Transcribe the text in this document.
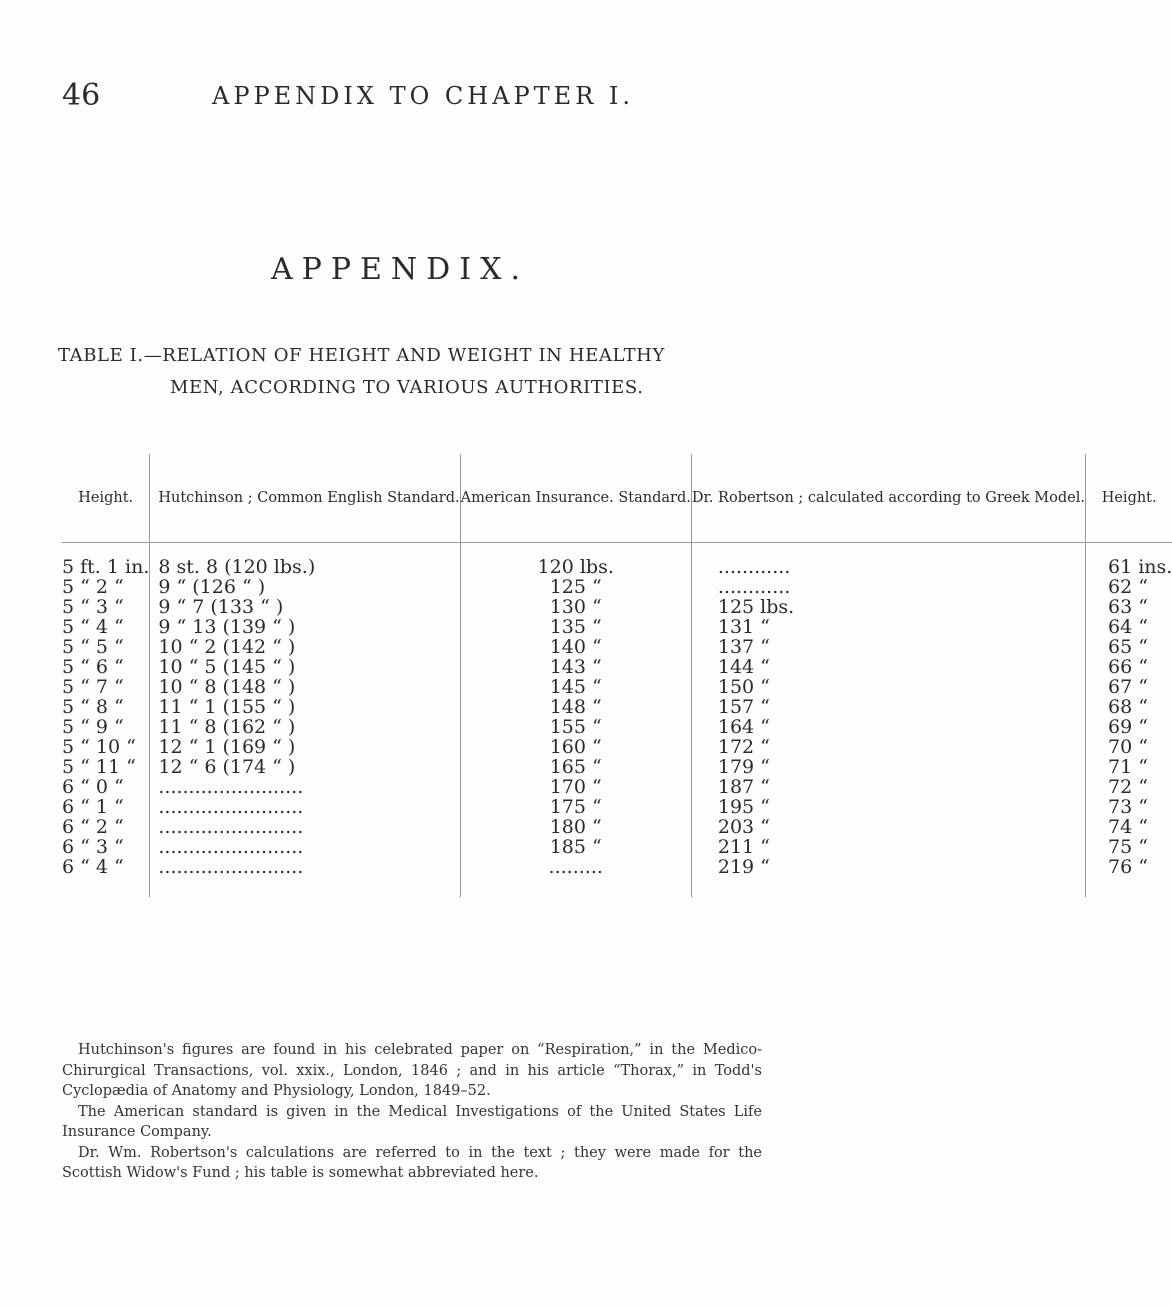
46	APPENDIX TO CHAPTER I.
APPENDIX.
TABLE I.—RELATION OF HEIGHT AND WEIGHT IN HEALTHY
MEN, ACCORDING TO VARIOUS AUTHORITIES.
Height.	Hutchinson ; Common English Standard.	American Insurance. Standard.	Dr. Robertson ; calculated according to Greek Model.	Height.
5 ft. 1 in.	8 st. 8 (120 lbs.)	120 lbs.	............	61 ins.
5 “ 2 “	9 “ (126 “ )	125 “	............	62 “
5 “ 3 “	9 “ 7 (133 “ )	130 “	125 lbs.	63 “
5 “ 4 “	9 “ 13 (139 “ )	135 “	131 “	64 “
5 “ 5 “	10 “ 2 (142 “ )	140 “	137 “	65 “
5 “ 6 “	10 “ 5 (145 “ )	143 “	144 “	66 “
5 “ 7 “	10 “ 8 (148 “ )	145 “	150 “	67 “
5 “ 8 “	11 “ 1 (155 “ )	148 “	157 “	68 “
5 “ 9 “	11 “ 8 (162 “ )	155 “	164 “	69 “
5 “ 10 “	12 “ 1 (169 “ )	160 “	172 “	70 “
5 “ 11 “	12 “ 6 (174 “ )	165 “	179 “	71 “
6 “ 0 “	........................	170 “	187 “	72 “
6 “ 1 “	........................	175 “	195 “	73 “
6 “ 2 “	........................	180 “	203 “	74 “
6 “ 3 “	........................	185 “	211 “	75 “
6 “ 4 “	........................	.........	219 “	76 “

Hutchinson's figures are found in his celebrated paper on “Respiration,” in the Medico-Chirurgical Transactions, vol. xxix., London, 1846 ; and in his article “Thorax,” in Todd's Cyclopædia of Anatomy and Physiology, London, 1849–52.

The American standard is given in the Medical Investigations of the United States Life Insurance Company.

Dr. Wm. Robertson's calculations are referred to in the text ; they were made for the Scottish Widow's Fund ; his table is somewhat abbreviated here.
